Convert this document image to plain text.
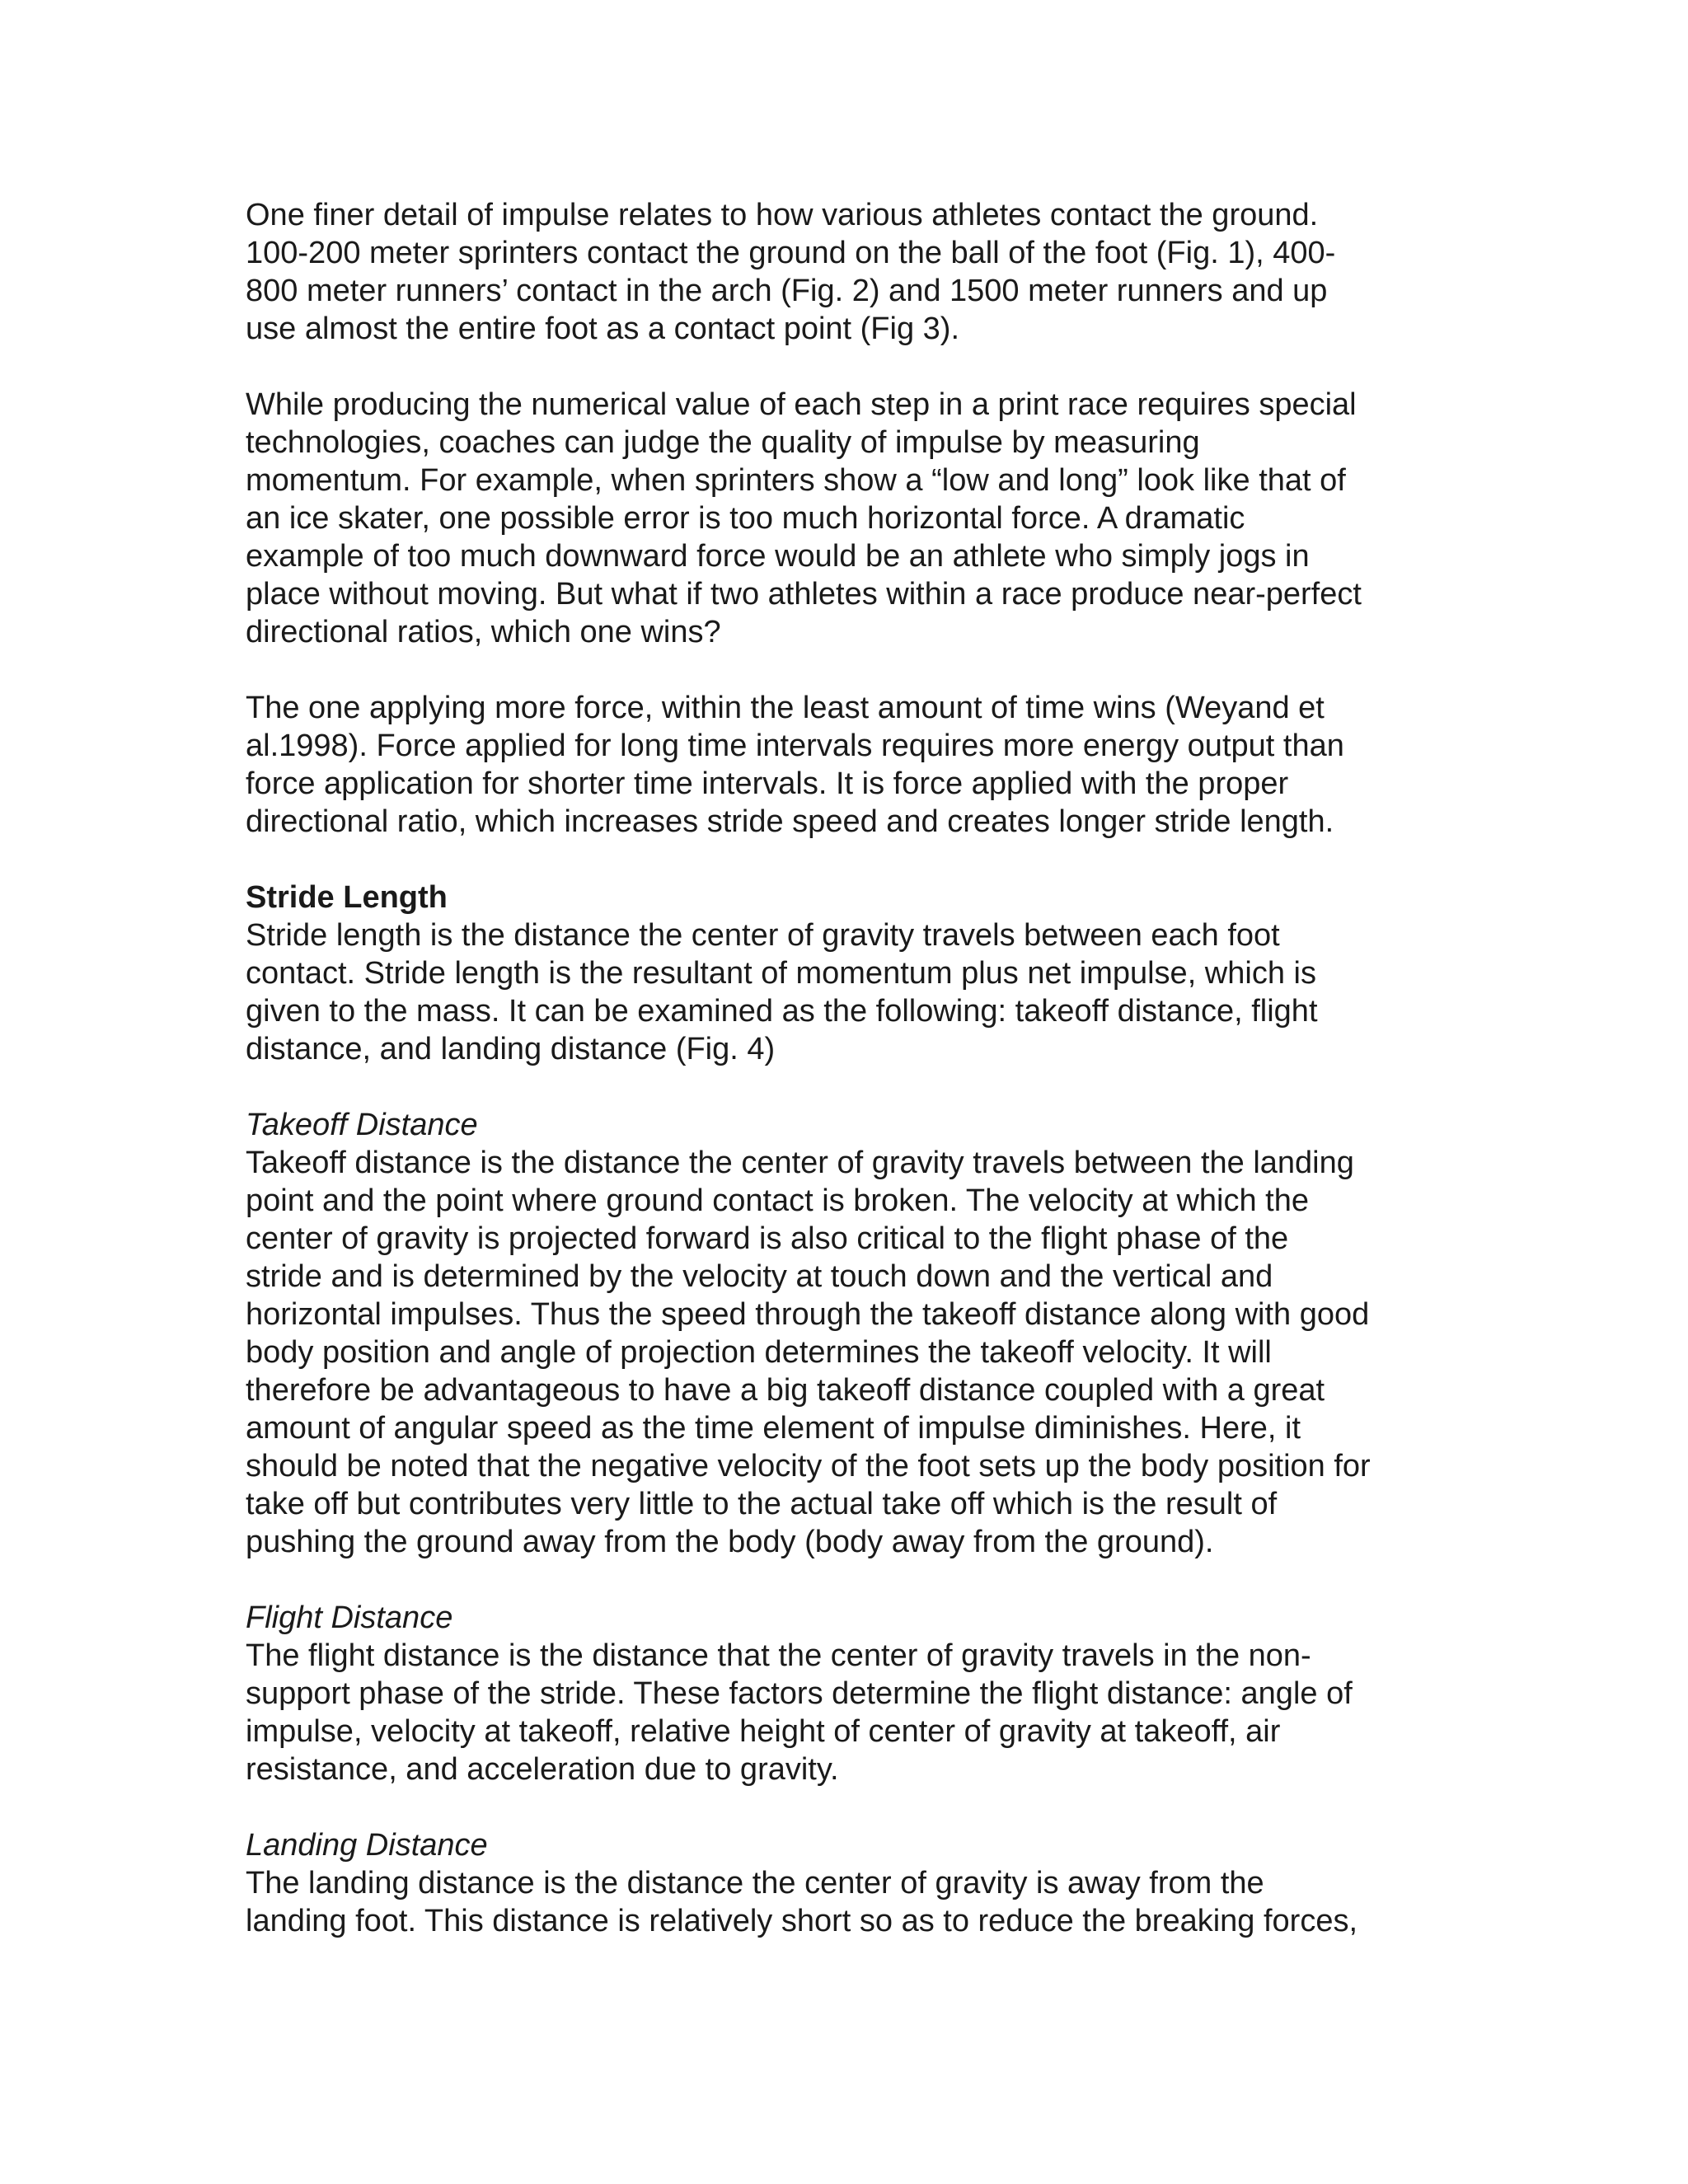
One finer detail of impulse relates to how various athletes contact the ground.
100-200 meter sprinters contact the ground on the ball of the foot (Fig. 1), 400-
800 meter runners’ contact in the arch (Fig. 2) and 1500 meter runners and up
use almost the entire foot as a contact point (Fig 3).

While producing the numerical value of each step in a print race requires special
technologies, coaches can judge the quality of impulse by measuring
momentum. For example, when sprinters show a “low and long” look like that of
an ice skater, one possible error is too much horizontal force. A dramatic
example of too much downward force would be an athlete who simply jogs in
place without moving. But what if two athletes within a race produce near-perfect
directional ratios, which one wins?

The one applying more force, within the least amount of time wins (Weyand et
al.1998). Force applied for long time intervals requires more energy output than
force application for shorter time intervals. It is force applied with the proper
directional ratio, which increases stride speed and creates longer stride length.

Stride Length

Stride length is the distance the center of gravity travels between each foot
contact. Stride length is the resultant of momentum plus net impulse, which is
given to the mass. It can be examined as the following: takeoff distance, flight
distance, and landing distance (Fig. 4)

Takeoff Distance

Takeoff distance is the distance the center of gravity travels between the landing
point and the point where ground contact is broken. The velocity at which the
center of gravity is projected forward is also critical to the flight phase of the
stride and is determined by the velocity at touch down and the vertical and
horizontal impulses. Thus the speed through the takeoff distance along with good
body position and angle of projection determines the takeoff velocity. It will
therefore be advantageous to have a big takeoff distance coupled with a great
amount of angular speed as the time element of impulse diminishes. Here, it
should be noted that the negative velocity of the foot sets up the body position for
take off but contributes very little to the actual take off which is the result of
pushing the ground away from the body (body away from the ground).

Flight Distance

The flight distance is the distance that the center of gravity travels in the non-
support phase of the stride. These factors determine the flight distance: angle of
impulse, velocity at takeoff, relative height of center of gravity at takeoff, air
resistance, and acceleration due to gravity.

Landing Distance

The landing distance is the distance the center of gravity is away from the
landing foot. This distance is relatively short so as to reduce the breaking forces,
